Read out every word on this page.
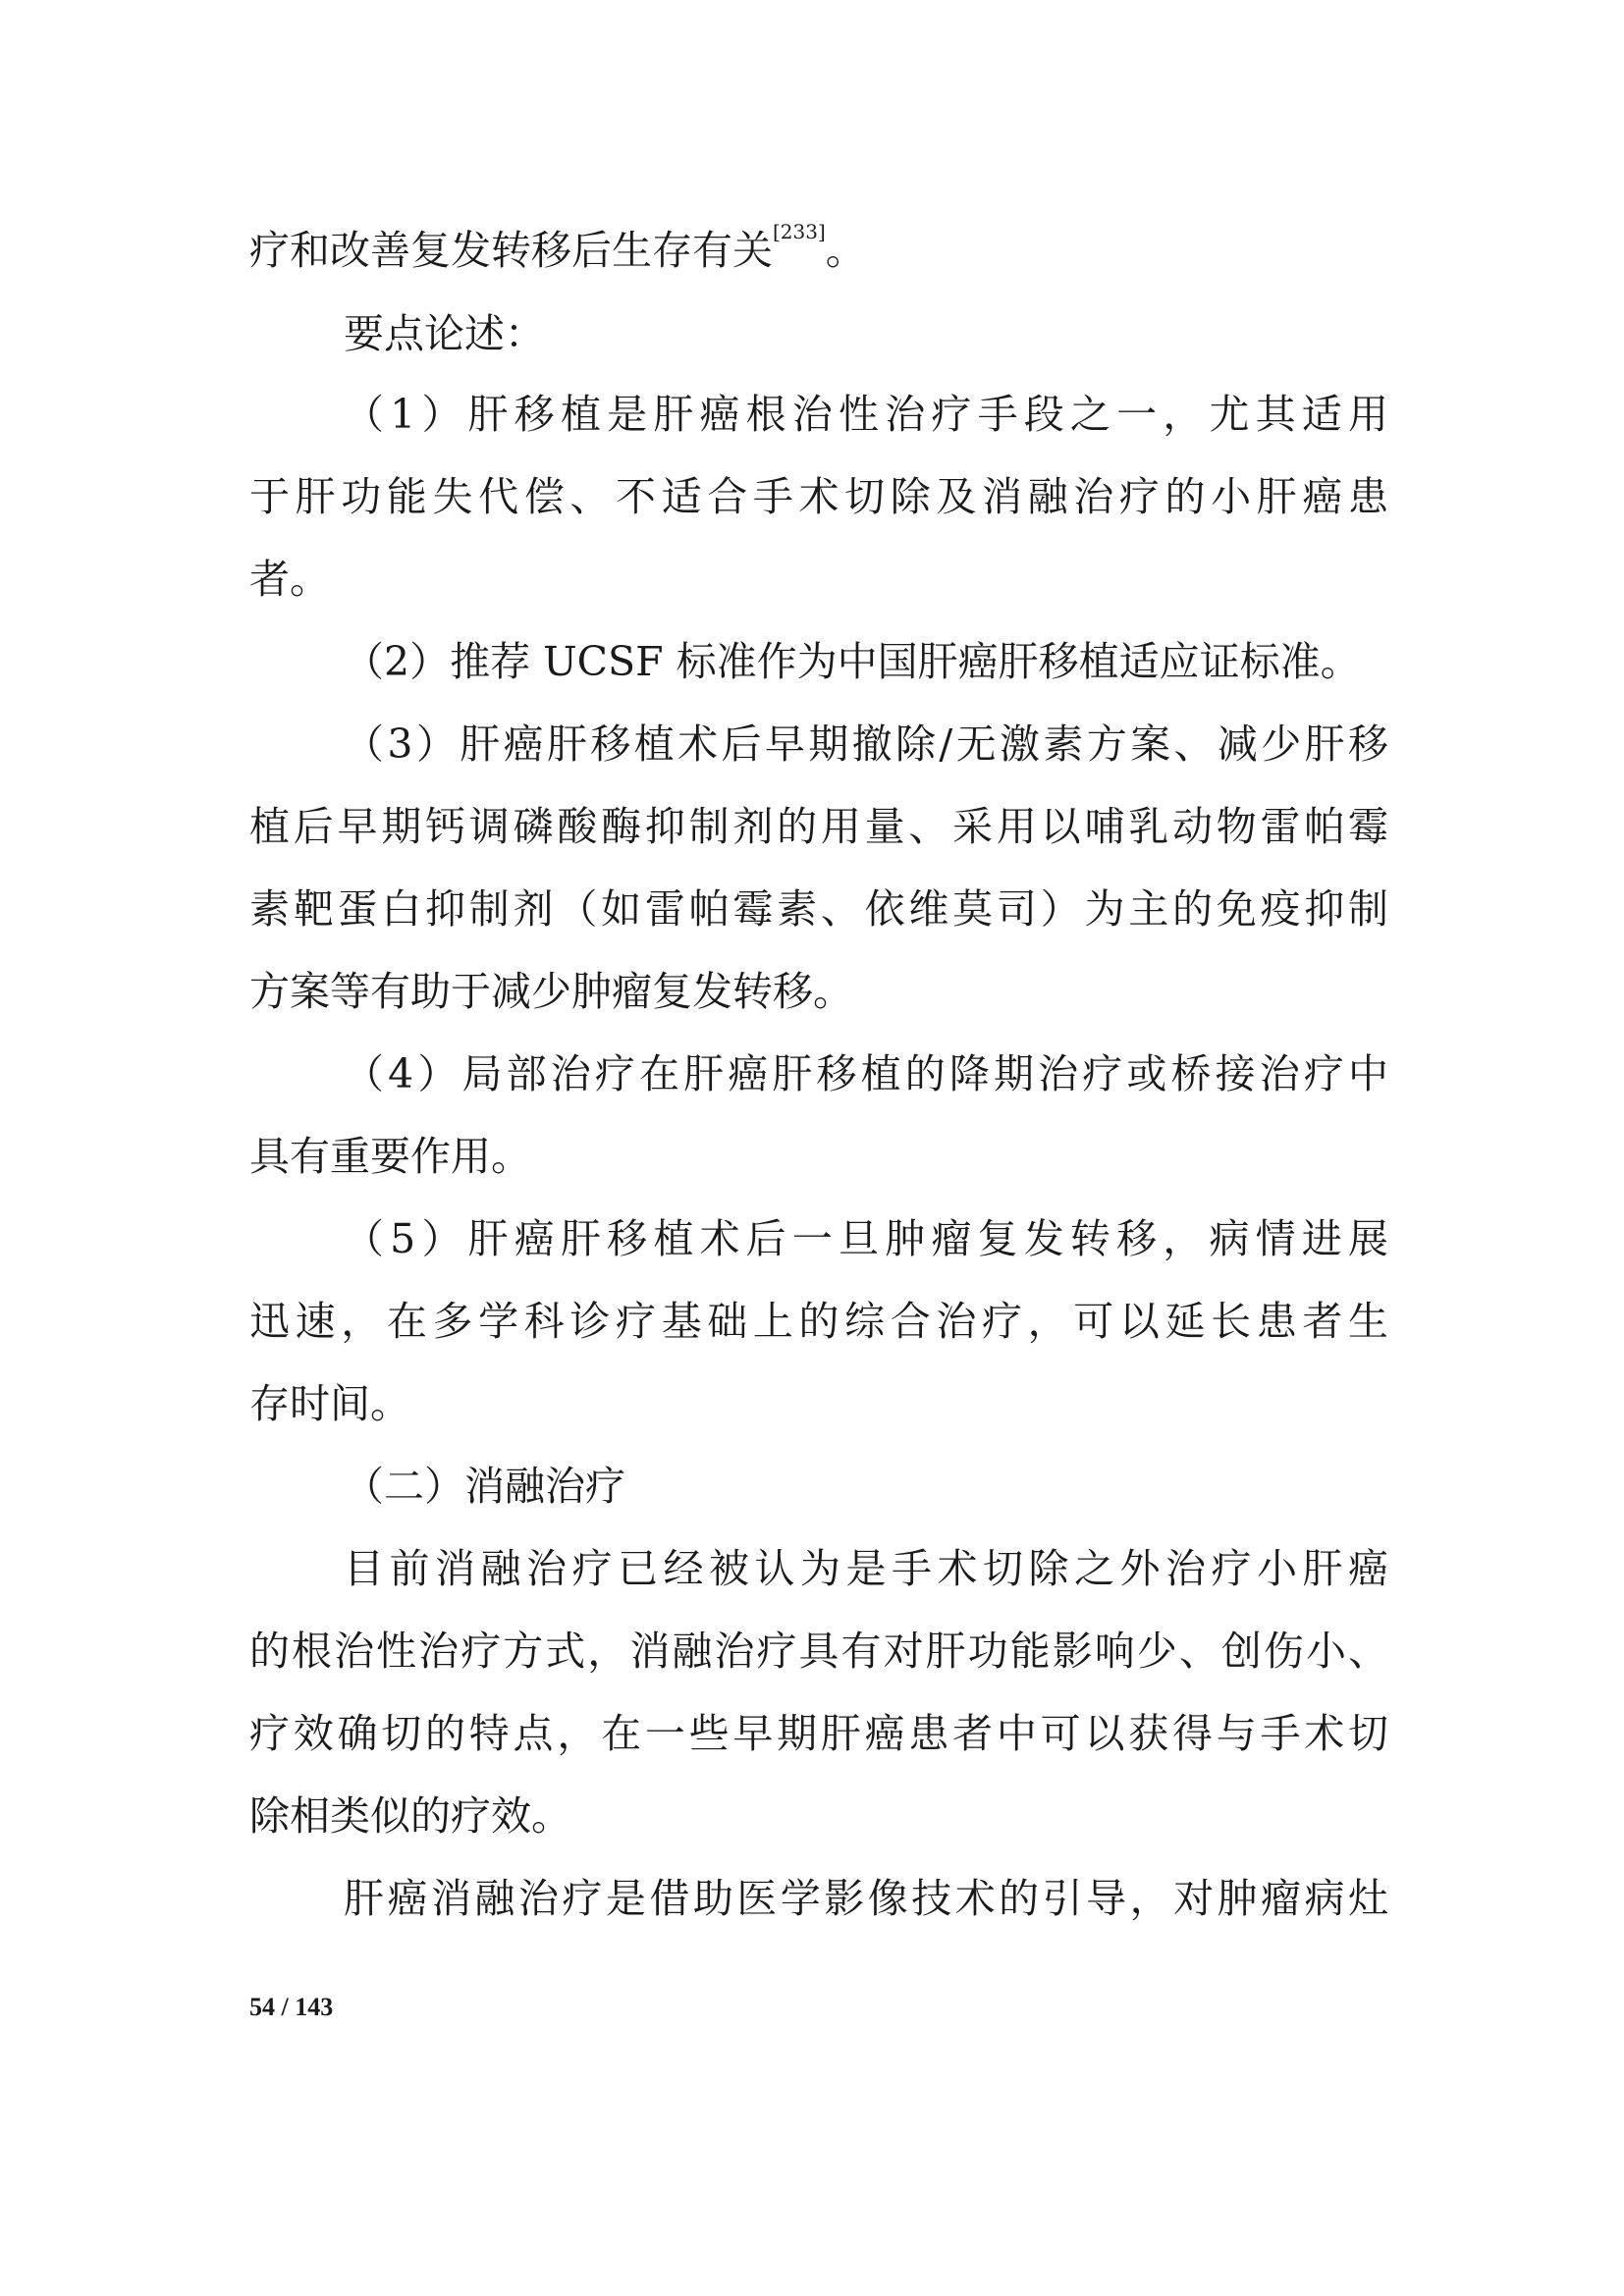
疗和改善复发转移后生存有关[233]。
要点论述：
（1）肝移植是肝癌根治性治疗手段之一，尤其适用
于肝功能失代偿、不适合手术切除及消融治疗的小肝癌患
者。
（2）推荐 UCSF 标准作为中国肝癌肝移植适应证标准。
（3）肝癌肝移植术后早期撤除/无激素方案、减少肝移
植后早期钙调磷酸酶抑制剂的用量、采用以哺乳动物雷帕霉
素靶蛋白抑制剂（如雷帕霉素、依维莫司）为主的免疫抑制
方案等有助于减少肿瘤复发转移。
（4）局部治疗在肝癌肝移植的降期治疗或桥接治疗中
具有重要作用。
（5）肝癌肝移植术后一旦肿瘤复发转移，病情进展
迅速，在多学科诊疗基础上的综合治疗，可以延长患者生
存时间。
（二）消融治疗
目前消融治疗已经被认为是手术切除之外治疗小肝癌
的根治性治疗方式，消融治疗具有对肝功能影响少、创伤小、
疗效确切的特点，在一些早期肝癌患者中可以获得与手术切
除相类似的疗效。
肝癌消融治疗是借助医学影像技术的引导，对肿瘤病灶
54 / 143
